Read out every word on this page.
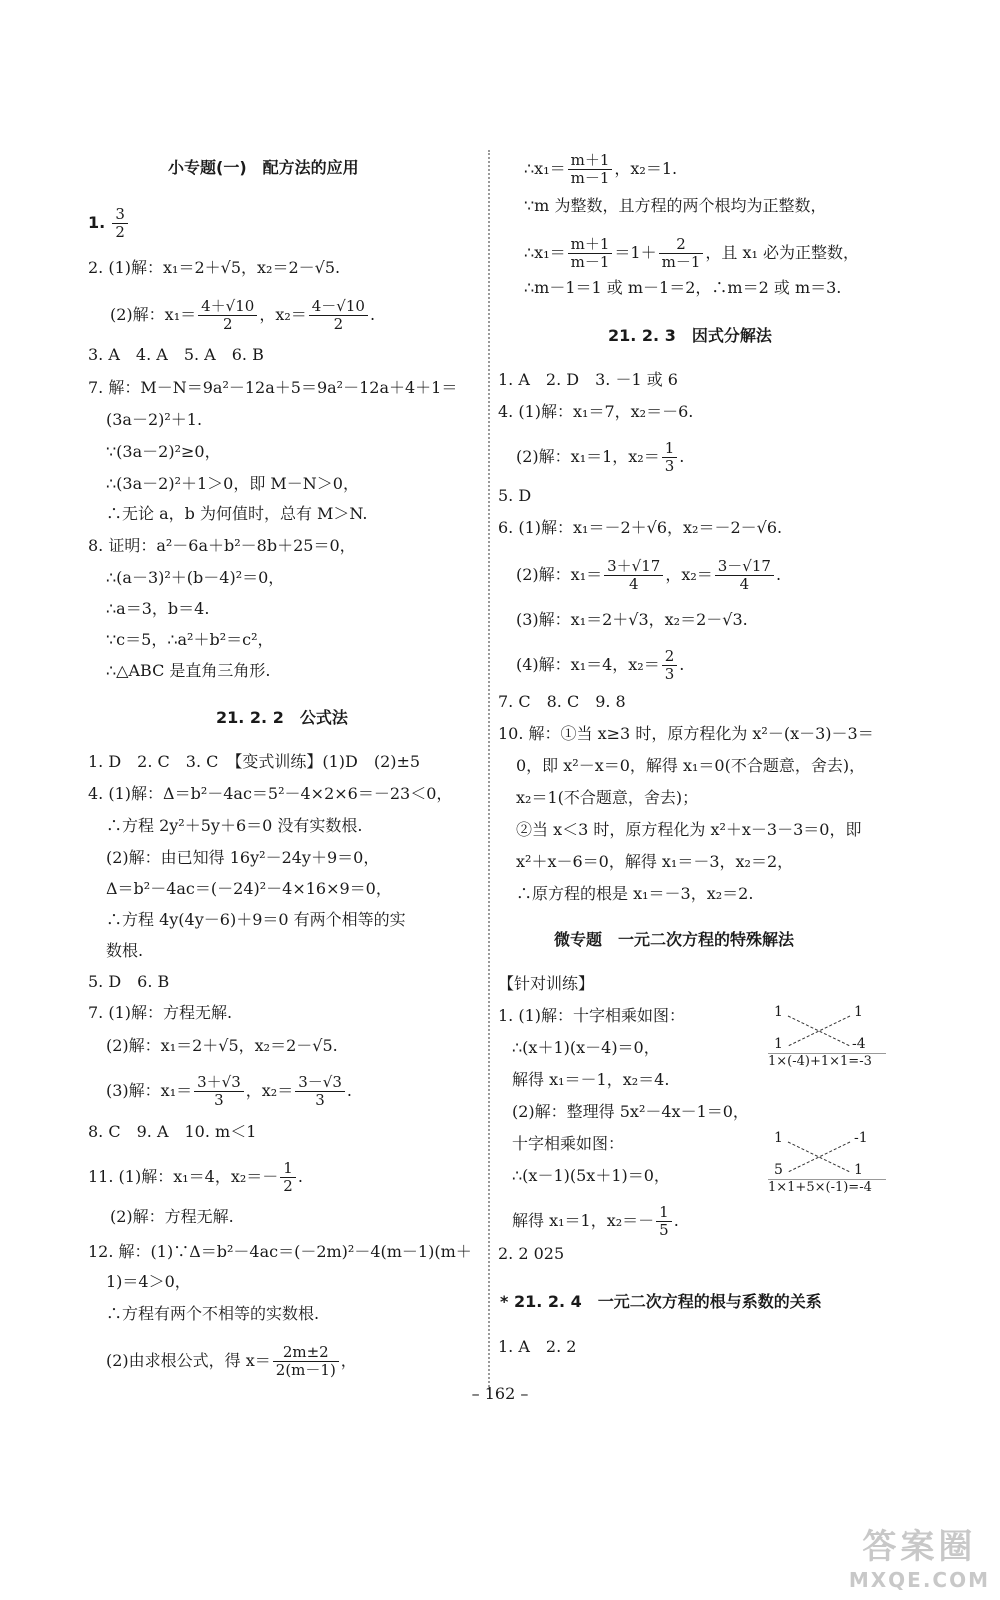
小专题(一)　配方法的应用
1. $\frac{3}{2}$
2. (1)解：x₁＝2＋√5，x₂＝2－√5.
(2)解：$x_1= \frac{4+√10}{2}$ ，$x_2= \frac{4-√10}{2}$ .
3. A　4. A　5. A　6. B
7. 解：M－N＝9a²－12a＋5＝9a²－12a＋4＋1＝
(3a－2)²＋1.
∵(3a－2)²≥0，
∴(3a－2)²＋1＞0，即 M－N＞0，
∴无论 a，b 为何值时，总有 M＞N.
8. 证明：a²－6a＋b²－8b＋25＝0，
∴(a－3)²＋(b－4)²＝0，
∴a＝3，b＝4.
∵c＝5，∴a²＋b²＝c²，
∴△ABC 是直角三角形.
21. 2. 2　公式法
1. D　2. C　3. C　【变式训练】(1)D　(2)±5
4. (1)解：Δ＝b²－4ac＝5²－4×2×6＝－23＜0，
∴方程 2y²＋5y＋6＝0 没有实数根.
(2)解：由已知得 16y²－24y＋9＝0，
Δ＝b²－4ac＝(－24)²－4×16×9＝0，
∴方程 4y(4y－6)＋9＝0 有两个相等的实
数根.
5. D　6. B
7. (1)解：方程无解.
(2)解：x₁＝2＋√5，x₂＝2－√5.
(3)解：$x_1= \frac{3+√3}{3}$ ，$x_2= \frac{3-√3}{3}$ .
8. C　9. A　10. m＜1
11. (1)解：x₁＝4，$x_2=- \frac{1}{2}$ .
(2)解：方程无解.
12. 解：(1)∵Δ＝b²－4ac＝(－2m)²－4(m－1)(m＋
1)＝4＞0，
∴方程有两个不相等的实数根.
(2)由求根公式，得 $x= \frac{2m\pm 2}{2(m-1)}$ ，
∴x₁＝ $\frac{m+1}{m-1}$ ，x₂＝1.
∵m 为整数，且方程的两个根均为正整数，
∴x₁＝ $\frac{m+1}{m-1} =1+ \frac{2}{m-1}$ ，且 x₁ 必为正整数，
∴m－1＝1 或 m－1＝2，∴m＝2 或 m＝3.
21. 2. 3　因式分解法
1. A　2. D　3. －1 或 6
4. (1)解：x₁＝7，x₂＝－6.
(2)解：x₁＝1，$x_2= \frac{1}{3}$ .
5. D
6. (1)解：x₁＝－2＋√6，x₂＝－2－√6.
(2)解：$x_1= \frac{3+√17}{4}$ ，$x_2= \frac{3-√17}{4}$ .
(3)解：x₁＝2＋√3，x₂＝2－√3.
(4)解：x₁＝4，$x_2= \frac{2}{3}$ .
7. C　8. C　9. 8
10. 解：①当 x≥3 时，原方程化为 x²－(x－3)－3＝
0，即 x²－x＝0，解得 x₁＝0(不合题意，舍去)，
x₂＝1(不合题意，舍去)；
②当 x＜3 时，原方程化为 x²＋x－3－3＝0，即
x²＋x－6＝0，解得 x₁＝－3，x₂＝2，
∴原方程的根是 x₁＝－3，x₂＝2.
微专题　一元二次方程的特殊解法
【针对训练】
1. (1)解：十字相乘如图：
∴(x＋1)(x－4)＝0，
解得 x₁＝－1，x₂＝4.
(2)解：整理得 5x²－4x－1＝0，
十字相乘如图：
∴(x－1)(5x＋1)＝0，
解得 x₁＝1，$x_2=- \frac{1}{5}$ .
1	1
1	-4
1×(-4)+1×1=-3
1	-1
5	1
1×1+5×(-1)=-4
2. 2 025
* 21. 2. 4　一元二次方程的根与系数的关系
1. A　2. 2
– 162 –
答案圈
MXQE.COM
